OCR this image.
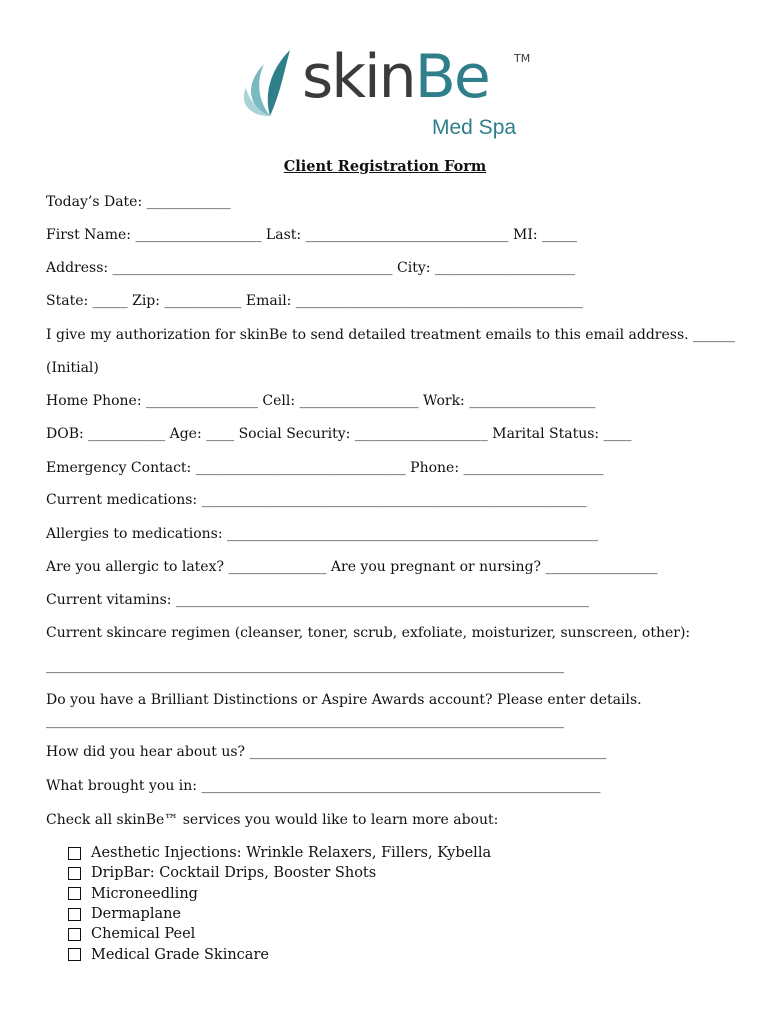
skinBe TM
Med Spa
Client Registration Form

Today’s Date: ____________

First Name: __________________ Last: _____________________________ MI: _____

Address: ________________________________________ City: ____________________

State: _____ Zip: ___________ Email: _________________________________________

I give my authorization for skinBe to send detailed treatment emails to this email address. ______

(Initial)

Home Phone: ________________ Cell: _________________ Work: __________________

DOB: ___________ Age: ____ Social Security: ___________________ Marital Status: ____

Emergency Contact: ______________________________ Phone: ____________________

Current medications: _______________________________________________________

Allergies to medications: _____________________________________________________

Are you allergic to latex? ______________ Are you pregnant or nursing? ________________

Current vitamins: ___________________________________________________________

Current skincare regimen (cleanser, toner, scrub, exfoliate, moisturizer, sunscreen, other):

__________________________________________________________________________

Do you have a Brilliant Distinctions or Aspire Awards account? Please enter details.

__________________________________________________________________________

How did you hear about us? ___________________________________________________

What brought you in: _________________________________________________________

Check all skinBe™ services you would like to learn more about:

Aesthetic Injections: Wrinkle Relaxers, Fillers, Kybella
DripBar: Cocktail Drips, Booster Shots
Microneedling
Dermaplane
Chemical Peel
Medical Grade Skincare
